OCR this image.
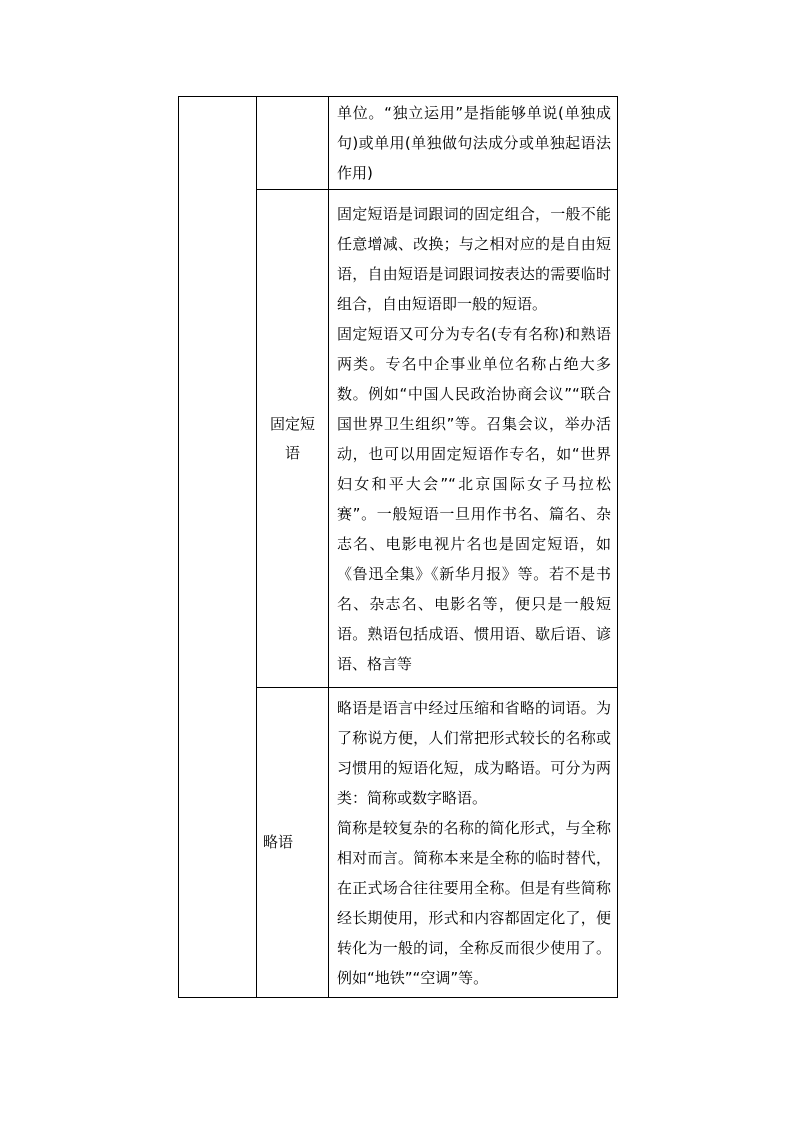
		单位。“独立运用”是指能够单说(单独成句)或单用(单独做句法成分或单独起语法作用)

	固定短语	固定短语是词跟词的固定组合，一般不能任意增减、改换；与之相对应的是自由短语，自由短语是词跟词按表达的需要临时组合，自由短语即一般的短语。

固定短语又可分为专名(专有名称)和熟语两类。专名中企事业单位名称占绝大多数。例如“中国人民政治协商会议”“联合国世界卫生组织”等。召集会议，举办活动，也可以用固定短语作专名，如“世界妇女和平大会”“北京国际女子马拉松赛”。一般短语一旦用作书名、篇名、杂志名、电影电视片名也是固定短语，如《鲁迅全集》《新华月报》等。若不是书名、杂志名、电影名等，便只是一般短语。熟语包括成语、惯用语、歇后语、谚语、格言等

	略语	略语是语言中经过压缩和省略的词语。为了称说方便，人们常把形式较长的名称或习惯用的短语化短，成为略语。可分为两类：简称或数字略语。

简称是较复杂的名称的简化形式，与全称相对而言。简称本来是全称的临时替代，在正式场合往往要用全称。但是有些简称经长期使用，形式和内容都固定化了，便转化为一般的词，全称反而很少使用了。例如“地铁”“空调”等。
